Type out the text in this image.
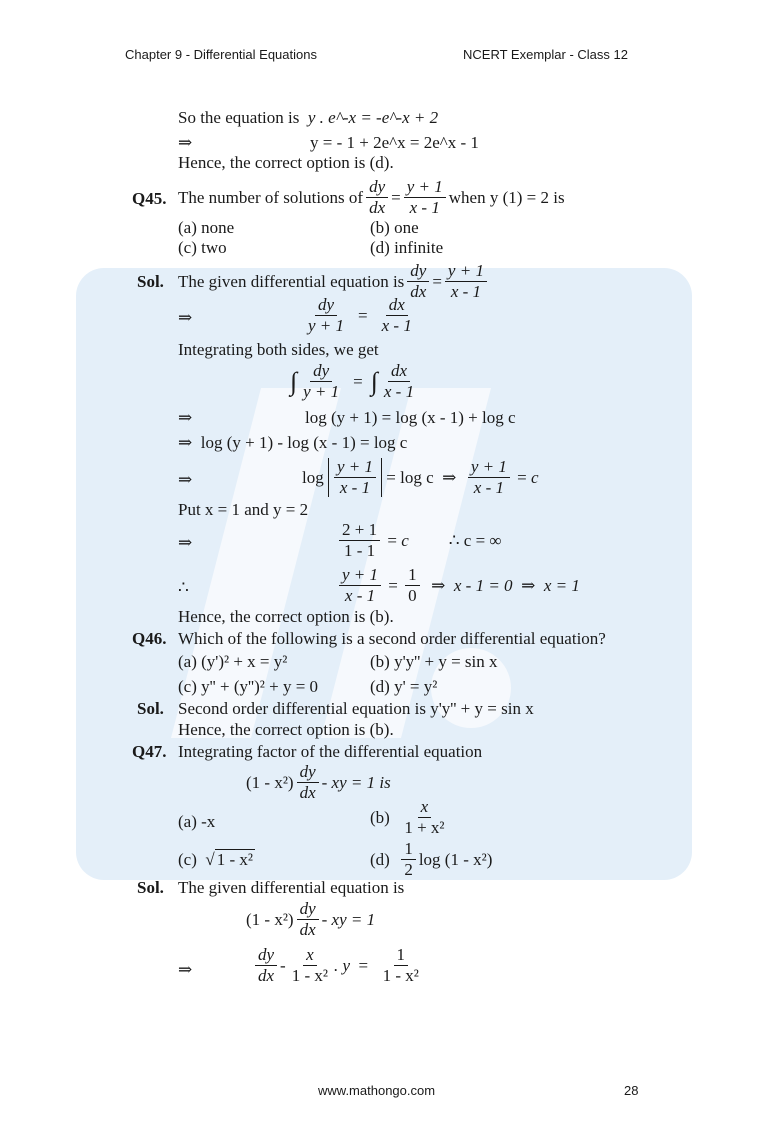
Chapter 9 - Differential Equations	NCERT Exemplar - Class 12
So the equation is y . e^-x = -e^-x + 2
⇒	y = - 1 + 2e^x = 2e^x - 1
Hence, the correct option is (d).
Q45. The number of solutions of $\frac{dy}{dx} = \frac{y + 1}{x - 1}$ when y (1) = 2 is
(a) none	(b) one
(c) two	(d) infinite
Sol. The given differential equation is $\frac{dy}{dx} = \frac{y + 1}{x - 1}$
⇒	$\frac{dy}{y + 1} = \frac{dx}{x - 1}$
Integrating both sides, we get
∫ $\frac{dy}{y + 1}$ = ∫ $\frac{dx}{x - 1}$
⇒	log (y + 1) = log (x - 1) + log c
⇒ log (y + 1) - log (x - 1) = log c
⇒	log
$\frac{y + 1}{x - 1}$
= log c
⇒
$\frac{y + 1}{x - 1}$
=
c
Put x = 1 and y = 2
⇒	$\frac{2 + 1}{1 - 1}$
=
c ∴ c = ∞
∴	$\frac{y + 1}{x - 1}$
=
$\frac{1}{0}$
⇒
x - 1 = 0
⇒
x = 1
Hence, the correct option is (b).
Q46. Which of the following is a second order differential equation?
(a) (y')² + x = y²	(b) y'y'' + y = sin x
(c) y'' + (y'')² + y = 0	(d) y' = y²
Sol. Second order differential equation is y'y'' + y = sin x
Hence, the correct option is (b).
Q47. Integrating factor of the differential equation
$(1 - x^2) \frac{dy}{dx}$ - xy = 1 is
(a) -x	(b)
$\frac{x}{\text{1 + x²}}$
(c) √ 1 - x²	(d)
$\frac{1}{2}$ log (1 - x²)
Sol. The given differential equation is
$(1 - x^2) \frac{dy}{dx}$ - xy = 1
⇒	$\frac{dy}{dx} - \frac{x}{\text{1 - x²}}$ . y
=
$\frac{1}{\text{1 - x²}}$
www.mathongo.com	28
